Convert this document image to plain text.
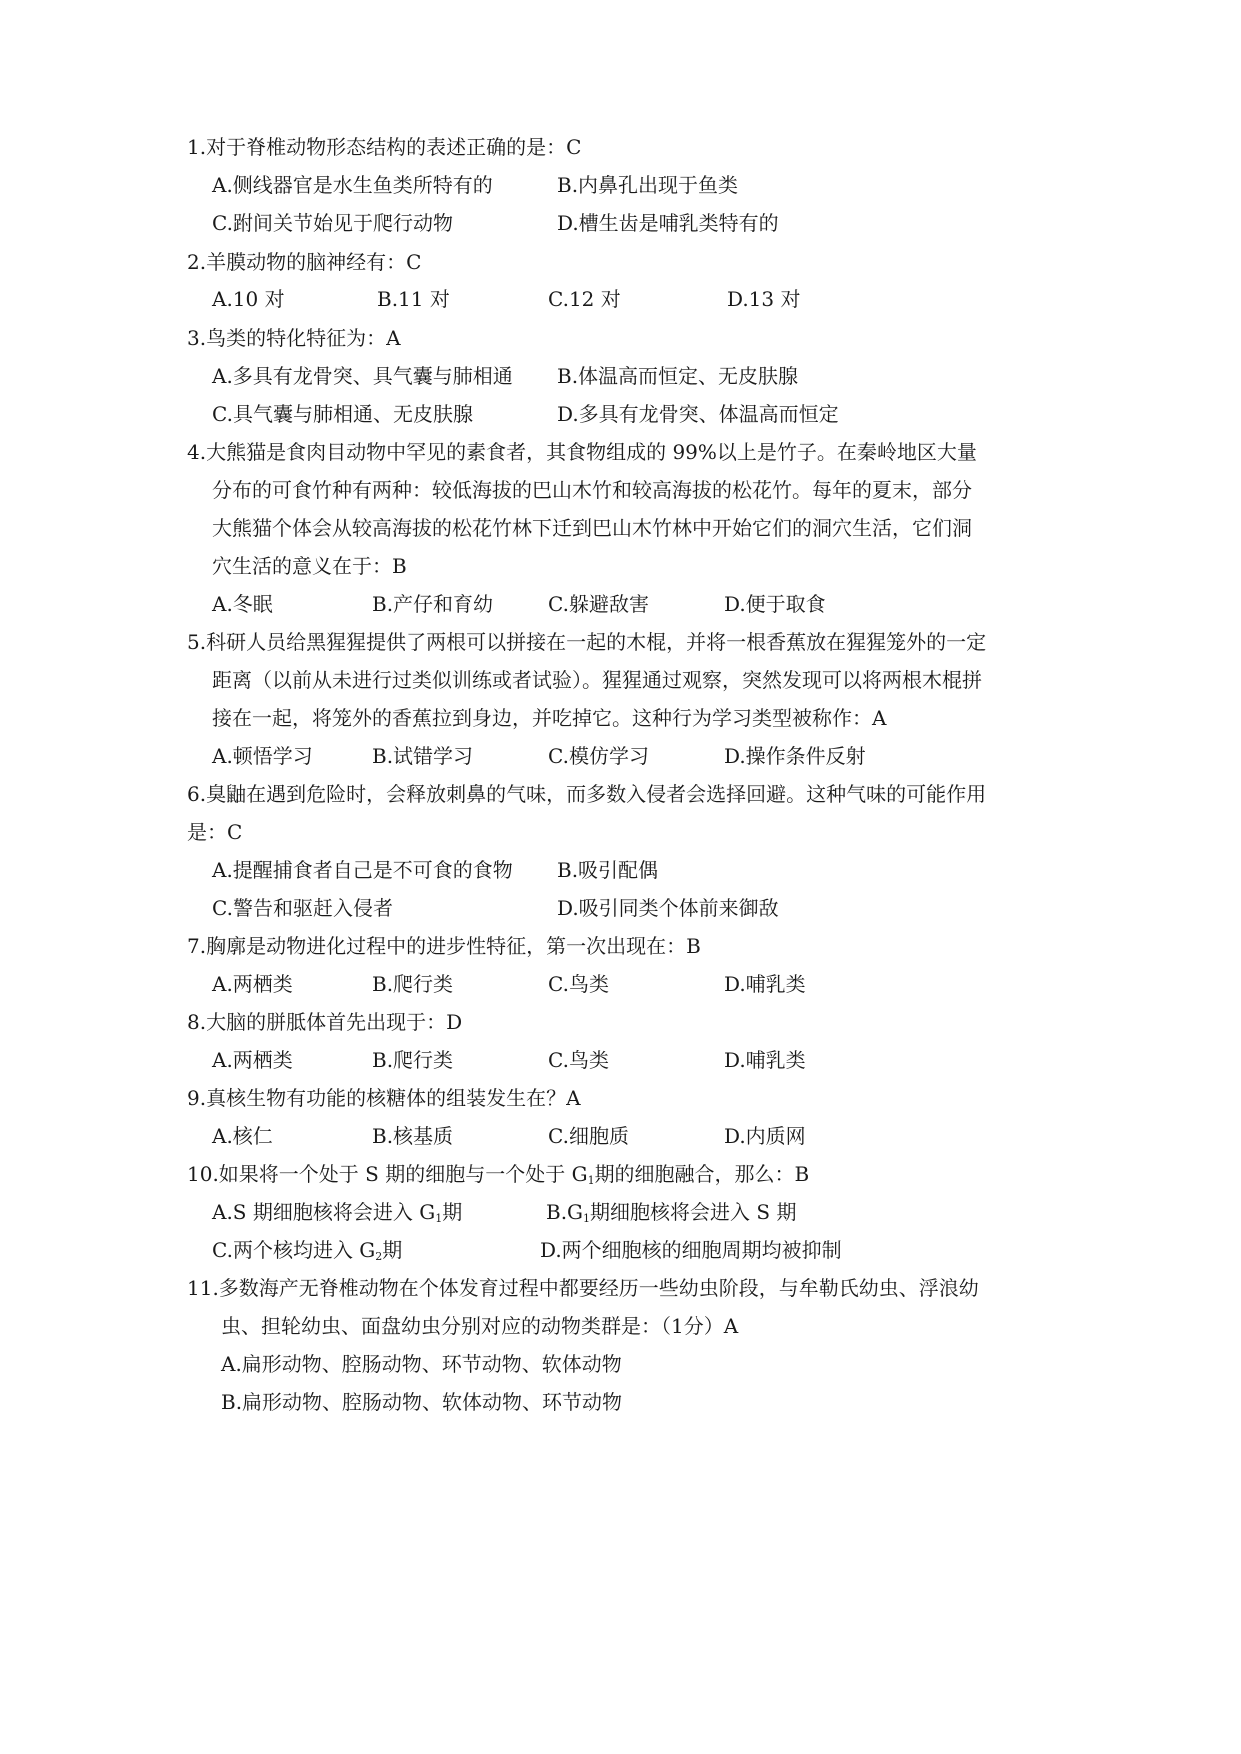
1.对于脊椎动物形态结构的表述正确的是：C
A.侧线器官是水生鱼类所特有的	B.内鼻孔出现于鱼类
C.跗间关节始见于爬行动物	D.槽生齿是哺乳类特有的
2.羊膜动物的脑神经有：C
A.10 对	B.11 对	C.12 对	D.13 对
3.鸟类的特化特征为：A
A.多具有龙骨突、具气囊与肺相通 B.体温高而恒定、无皮肤腺
C.具气囊与肺相通、无皮肤腺	D.多具有龙骨突、体温高而恒定
4.大熊猫是食肉目动物中罕见的素食者，其食物组成的 99%以上是竹子。在秦岭地区大量
分布的可食竹种有两种：较低海拔的巴山木竹和较高海拔的松花竹。每年的夏末，部分
大熊猫个体会从较高海拔的松花竹林下迁到巴山木竹林中开始它们的洞穴生活，它们洞
穴生活的意义在于：B
A.冬眠	B.产仔和育幼	C.躲避敌害	D.便于取食
5.科研人员给黑猩猩提供了两根可以拼接在一起的木棍，并将一根香蕉放在猩猩笼外的一定
距离（以前从未进行过类似训练或者试验）。猩猩通过观察，突然发现可以将两根木棍拼
接在一起，将笼外的香蕉拉到身边，并吃掉它。这种行为学习类型被称作：A
A.顿悟学习	B.试错学习	C.模仿学习	D.操作条件反射
6.臭鼬在遇到危险时，会释放刺鼻的气味，而多数入侵者会选择回避。这种气味的可能作用
是：C
A.提醒捕食者自己是不可食的食物 B.吸引配偶
C.警告和驱赶入侵者	D.吸引同类个体前来御敌
7.胸廓是动物进化过程中的进步性特征，第一次出现在：B
A.两栖类	B.爬行类	C.鸟类	D.哺乳类
8.大脑的胼胝体首先出现于：D
A.两栖类	B.爬行类	C.鸟类	D.哺乳类
9.真核生物有功能的核糖体的组装发生在？A
A.核仁	B.核基质	C.细胞质	D.内质网
10.如果将一个处于 S 期的细胞与一个处于 $G_1$期的细胞融合，那么：B
A.S 期细胞核将会进入 $G_1$期	$B.G_1$期细胞核将会进入 S 期
C.两个核均进入 $G_2$期	D.两个细胞核的细胞周期均被抑制
11.多数海产无脊椎动物在个体发育过程中都要经历一些幼虫阶段，与牟勒氏幼虫、浮浪幼
虫、担轮幼虫、面盘幼虫分别对应的动物类群是：（1分）A
A.扁形动物、腔肠动物、环节动物、软体动物
B.扁形动物、腔肠动物、软体动物、环节动物
